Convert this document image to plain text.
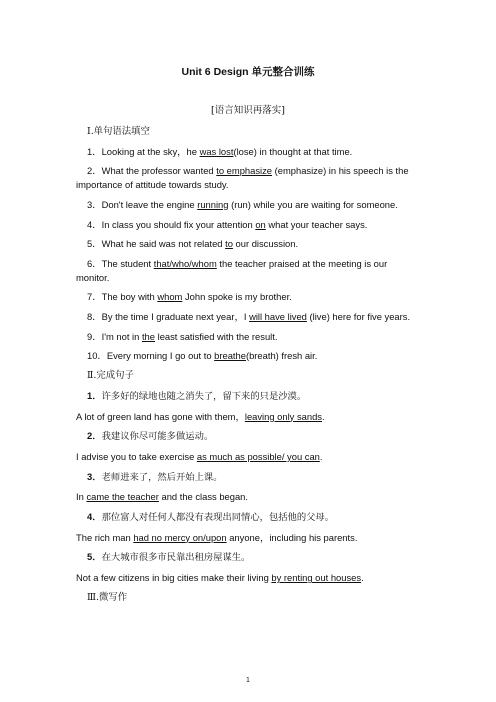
Unit 6 Design 单元整合训练
[语言知识再落实]
Ⅰ.单句语法填空
1．Looking at the sky，he was lost(lose) in thought at that time.
2．What the professor wanted to emphasize (emphasize) in his speech is the importance of attitude towards study.
3．Don't leave the engine running (run) while you are waiting for someone.
4．In class you should fix your attention on what your teacher says.
5．What he said was not related to our discussion.
6．The student that/who/whom the teacher praised at the meeting is our monitor.
7．The boy with whom John spoke is my brother.
8．By the time I graduate next year，I will have lived (live) here for five years.
9．I'm not in the least satisfied with the result.
10．Every morning I go out to breathe(breath) fresh air.
Ⅱ.完成句子
1．许多好的绿地也随之消失了，留下来的只是沙漠。
A lot of green land has gone with them，leaving only sands.
2．我建议你尽可能多做运动。
I advise you to take exercise as much as possible/ you can.
3．老师进来了，然后开始上课。
In came the teacher and the class began.
4．那位富人对任何人都没有表现出同情心，包括他的父母。
The rich man had no mercy on/upon anyone，including his parents.
5．在大城市很多市民靠出租房屋谋生。
Not a few citizens in big cities make their living by renting out houses.
Ⅲ.微写作
1
